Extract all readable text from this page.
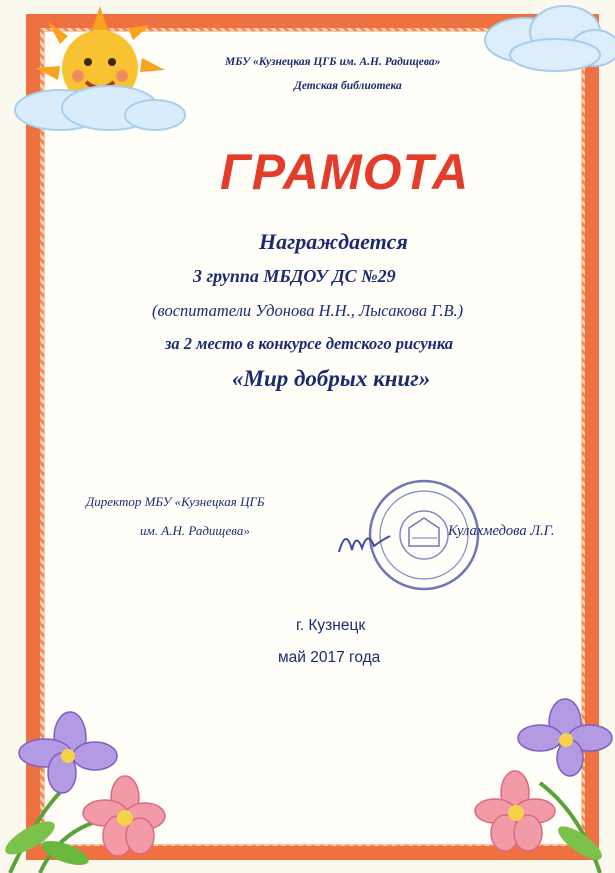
МБУ «Кузнецкая ЦГБ им. А.Н. Радищева»
Детская библиотека
ГРАМОТА
Награждается
3 группа МБДОУ ДС №29
(воспитатели Удонова Н.Н., Лысакова Г.В.)
за 2 место в конкурсе детского рисунка
«Мир добрых книг»
Директор МБУ «Кузнецкая ЦГБ
им. А.Н. Радищева»	Кулахмедова Л.Г.
г. Кузнецк
май 2017 года
